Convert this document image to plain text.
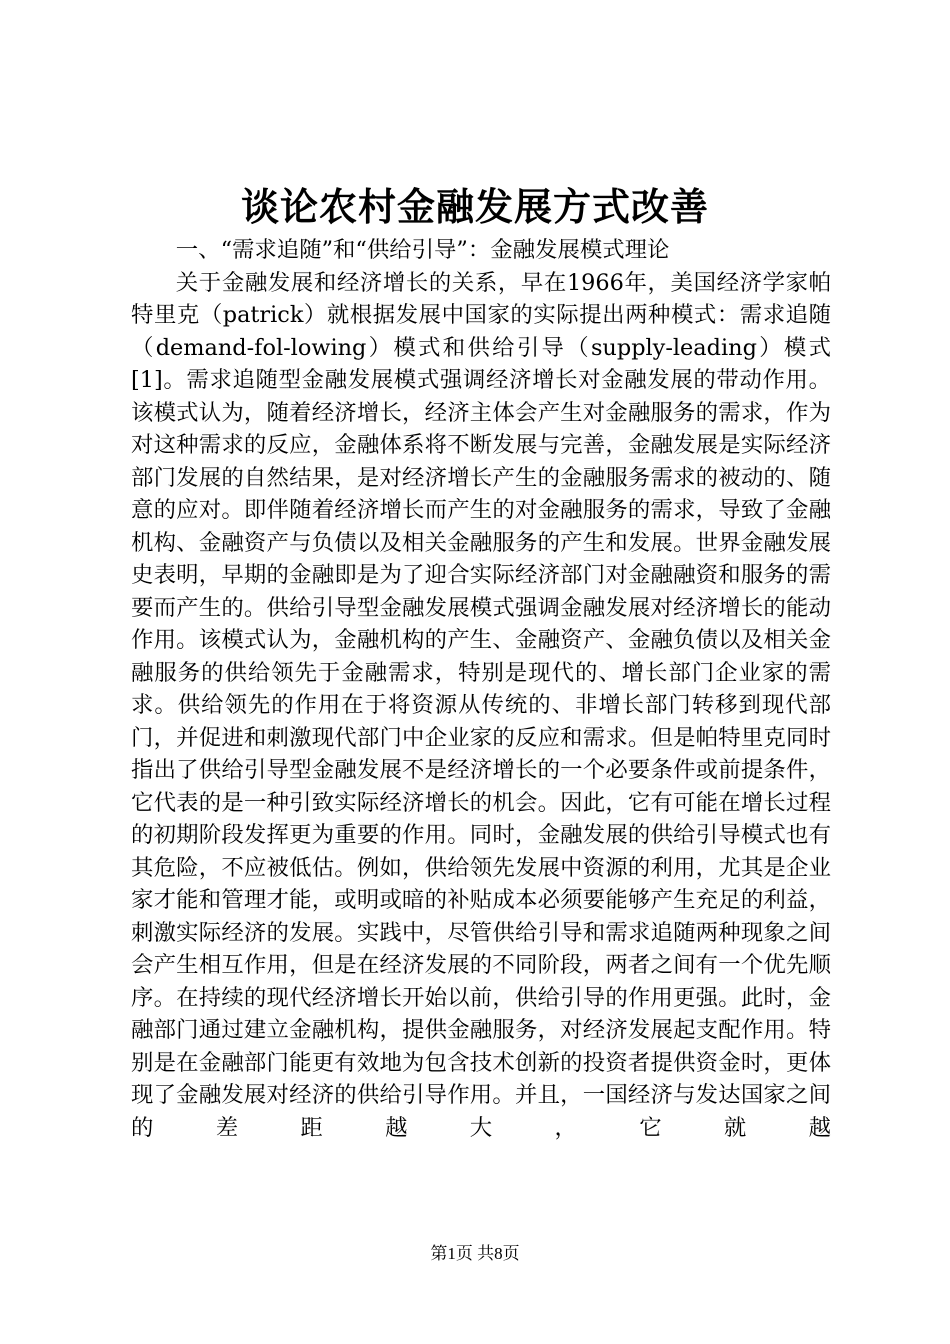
谈论农村金融发展方式改善

一、“需求追随”和“供给引导”：金融发展模式理论

关于金融发展和经济增长的关系，早在1966年，美国经济学家帕特里克（patrick）就根据发展中国家的实际提出两种模式：需求追随（demand-fol-lowing）模式和供给引导（supply-leading）模式[1]。需求追随型金融发展模式强调经济增长对金融发展的带动作用。该模式认为，随着经济增长，经济主体会产生对金融服务的需求，作为对这种需求的反应，金融体系将不断发展与完善，金融发展是实际经济部门发展的自然结果，是对经济增长产生的金融服务需求的被动的、随意的应对。即伴随着经济增长而产生的对金融服务的需求，导致了金融机构、金融资产与负债以及相关金融服务的产生和发展。世界金融发展史表明，早期的金融即是为了迎合实际经济部门对金融融资和服务的需要而产生的。供给引导型金融发展模式强调金融发展对经济增长的能动作用。该模式认为，金融机构的产生、金融资产、金融负债以及相关金融服务的供给领先于金融需求，特别是现代的、增长部门企业家的需求。供给领先的作用在于将资源从传统的、非增长部门转移到现代部门，并促进和刺激现代部门中企业家的反应和需求。但是帕特里克同时指出了供给引导型金融发展不是经济增长的一个必要条件或前提条件，它代表的是一种引致实际经济增长的机会。因此，它有可能在增长过程的初期阶段发挥更为重要的作用。同时，金融发展的供给引导模式也有其危险，不应被低估。例如，供给领先发展中资源的利用，尤其是企业家才能和管理才能，或明或暗的补贴成本必须要能够产生充足的利益，刺激实际经济的发展。实践中，尽管供给引导和需求追随两种现象之间会产生相互作用，但是在经济发展的不同阶段，两者之间有一个优先顺序。在持续的现代经济增长开始以前，供给引导的作用更强。此时，金融部门通过建立金融机构，提供金融服务，对经济发展起支配作用。特别是在金融部门能更有效地为包含技术创新的投资者提供资金时，更体现了金融发展对经济的供给引导作用。并且，一国经济与发达国家之间的差距越大，它就越

第1页 共8页
